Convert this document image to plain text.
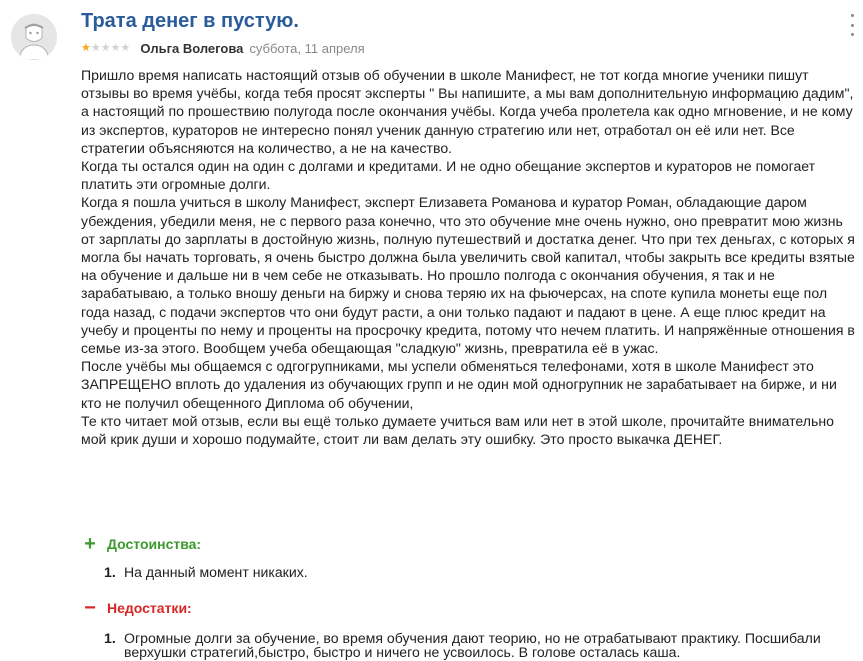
Трата денег в пустую.
★ ★ ★ ★ ★ Ольга Волегова суббота, 11 апреля

Пришло время написать настоящий отзыв об обучении в школе Манифест, не тот когда многие ученики пишут отзывы во время учёбы, когда тебя просят эксперты " Вы напишите, а мы вам дополнительную информацию дадим", а настоящий по прошествию полугода после окончания учёбы. Когда учеба пролетела как одно мгновение, и не кому из экспертов, кураторов не интересно понял ученик данную стратегию или нет, отработал он её или нет. Все стратегии объясняются на количество, а не на качество.

Когда ты остался один на один с долгами и кредитами. И не одно обещание экспертов и кураторов не помогает платить эти огромные долги.

Когда я пошла учиться в школу Манифест, эксперт Елизавета Романова и куратор Роман, обладающие даром убеждения, убедили меня, не с первого раза конечно, что это обучение мне очень нужно, оно превратит мою жизнь от зарплаты до зарплаты в достойную жизнь, полную путешествий и достатка денег. Что при тех деньгах, с которых я могла бы начать торговать, я очень быстро должна была увеличить свой капитал, чтобы закрыть все кредиты взятые на обучение и дальше ни в чем себе не отказывать. Но прошло полгода с окончания обучения, я так и не зарабатываю, а только вношу деньги на биржу и снова теряю их на фьючерсах, на споте купила монеты еще пол года назад, с подачи экспертов что они будут расти, а они только падают и падают в цене. А еще плюс кредит на учебу и проценты по нему и проценты на просрочку кредита, потому что нечем платить. И напряжённые отношения в семье из-за этого. Вообщем учеба обещающая "сладкую" жизнь, превратила её в ужас.

После учёбы мы общаемся с одгогрупниками, мы успели обменяться телефонами, хотя в школе Манифест это ЗАПРЕЩЕНО вплоть до удаления из обучающих групп и не один мой одногрупник не зарабатывает на бирже, и ни кто не получил обещенного Диплома об обучении,

Те кто читает мой отзыв, если вы ещё только думаете учиться вам или нет в этой школе, прочитайте внимательно мой крик души и хорошо подумайте, стоит ли вам делать эту ошибку. Это просто выкачка ДЕНЕГ.

+ Достоинства:
1. На данный момент никаких.
− Недостатки:
1. Огромные долги за обучение, во время обучения дают теорию, но не отрабатывают практику. Посшибали верхушки стратегий,быстро, быстро и ничего не усвоилось. В голове осталась каша.
